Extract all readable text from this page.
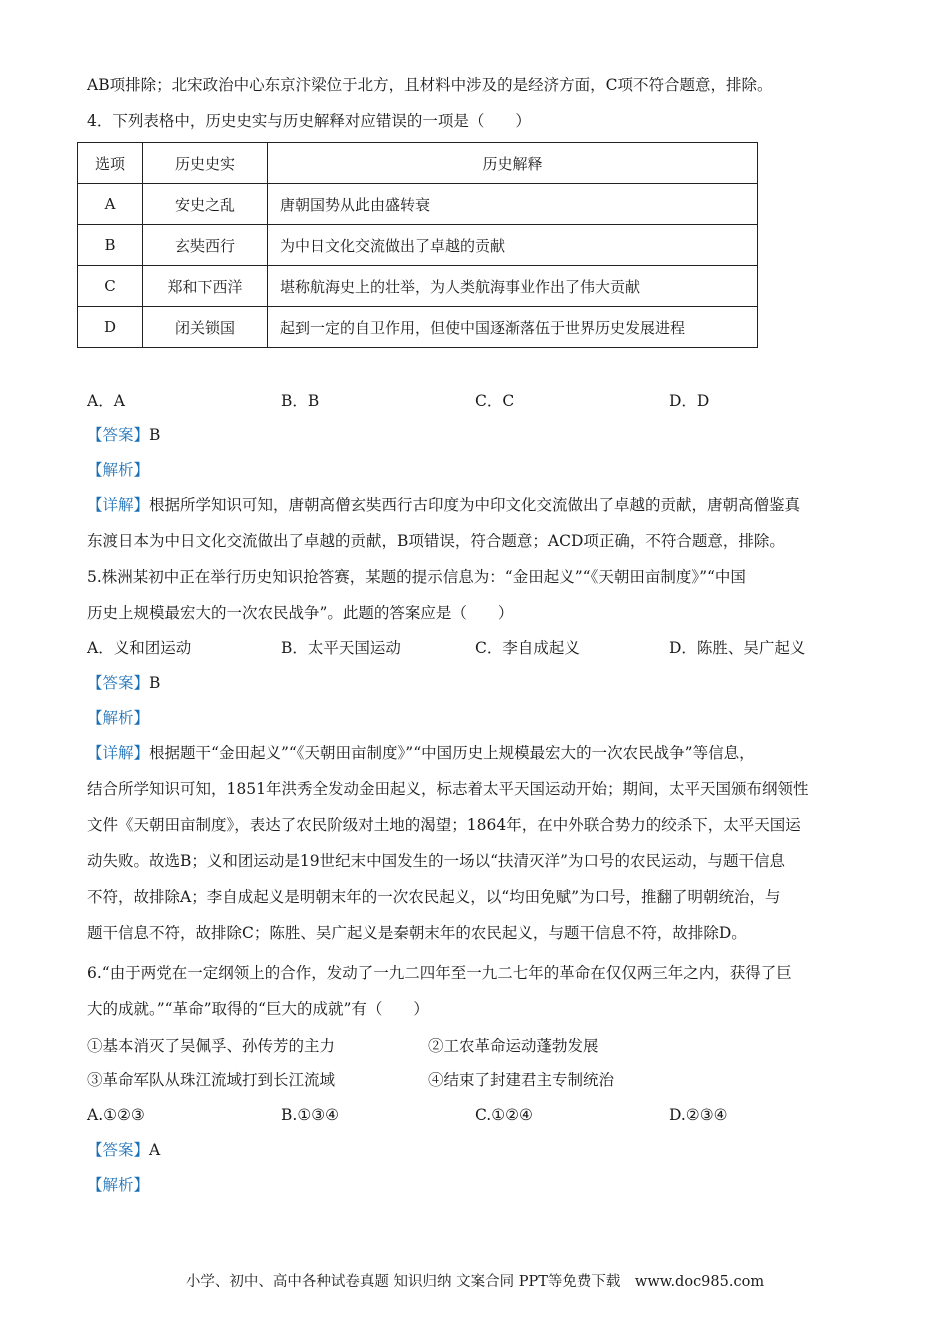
AB项排除；北宋政治中心东京汴梁位于北方，且材料中涉及的是经济方面，C项不符合题意，排除。
4．下列表格中，历史史实与历史解释对应错误的一项是（　　）
选项	历史史实	历史解释
A	安史之乱	唐朝国势从此由盛转衰
B	玄奘西行	为中日文化交流做出了卓越的贡献
C	郑和下西洋	堪称航海史上的壮举，为人类航海事业作出了伟大贡献
D	闭关锁国	起到一定的自卫作用，但使中国逐渐落伍于世界历史发展进程
A．A	B．B	C．C	D．D
【答案】B
【解析】
【详解】根据所学知识可知，唐朝高僧玄奘西行古印度为中印文化交流做出了卓越的贡献，唐朝高僧鉴真
东渡日本为中日文化交流做出了卓越的贡献，B项错误，符合题意；ACD项正确，不符合题意，排除。
5.株洲某初中正在举行历史知识抢答赛，某题的提示信息为：“金田起义”“《天朝田亩制度》”“中国
历史上规模最宏大的一次农民战争”。此题的答案应是（　　）
A．义和团运动	B．太平天国运动	C．李自成起义	D．陈胜、吴广起义
【答案】B
【解析】
【详解】根据题干“金田起义”“《天朝田亩制度》”“中国历史上规模最宏大的一次农民战争”等信息，
结合所学知识可知，1851年洪秀全发动金田起义，标志着太平天国运动开始；期间，太平天国颁布纲领性
文件《天朝田亩制度》，表达了农民阶级对土地的渴望；1864年，在中外联合势力的绞杀下，太平天国运
动失败。故选B；义和团运动是19世纪末中国发生的一场以“扶清灭洋”为口号的农民运动，与题干信息
不符，故排除A；李自成起义是明朝末年的一次农民起义，以“均田免赋”为口号，推翻了明朝统治，与
题干信息不符，故排除C；陈胜、吴广起义是秦朝末年的农民起义，与题干信息不符，故排除D。
6.“由于两党在一定纲领上的合作，发动了一九二四年至一九二七年的革命在仅仅两三年之内，获得了巨
大的成就。”“革命”取得的“巨大的成就”有（　　）
①基本消灭了吴佩孚、孙传芳的主力	②工农革命运动蓬勃发展
③革命军队从珠江流域打到长江流域	④结束了封建君主专制统治
A.①②③	B.①③④	C.①②④	D.②③④
【答案】A
【解析】
小学、初中、高中各种试卷真题 知识归纳 文案合同 PPT等免费下载　www.doc985.com
